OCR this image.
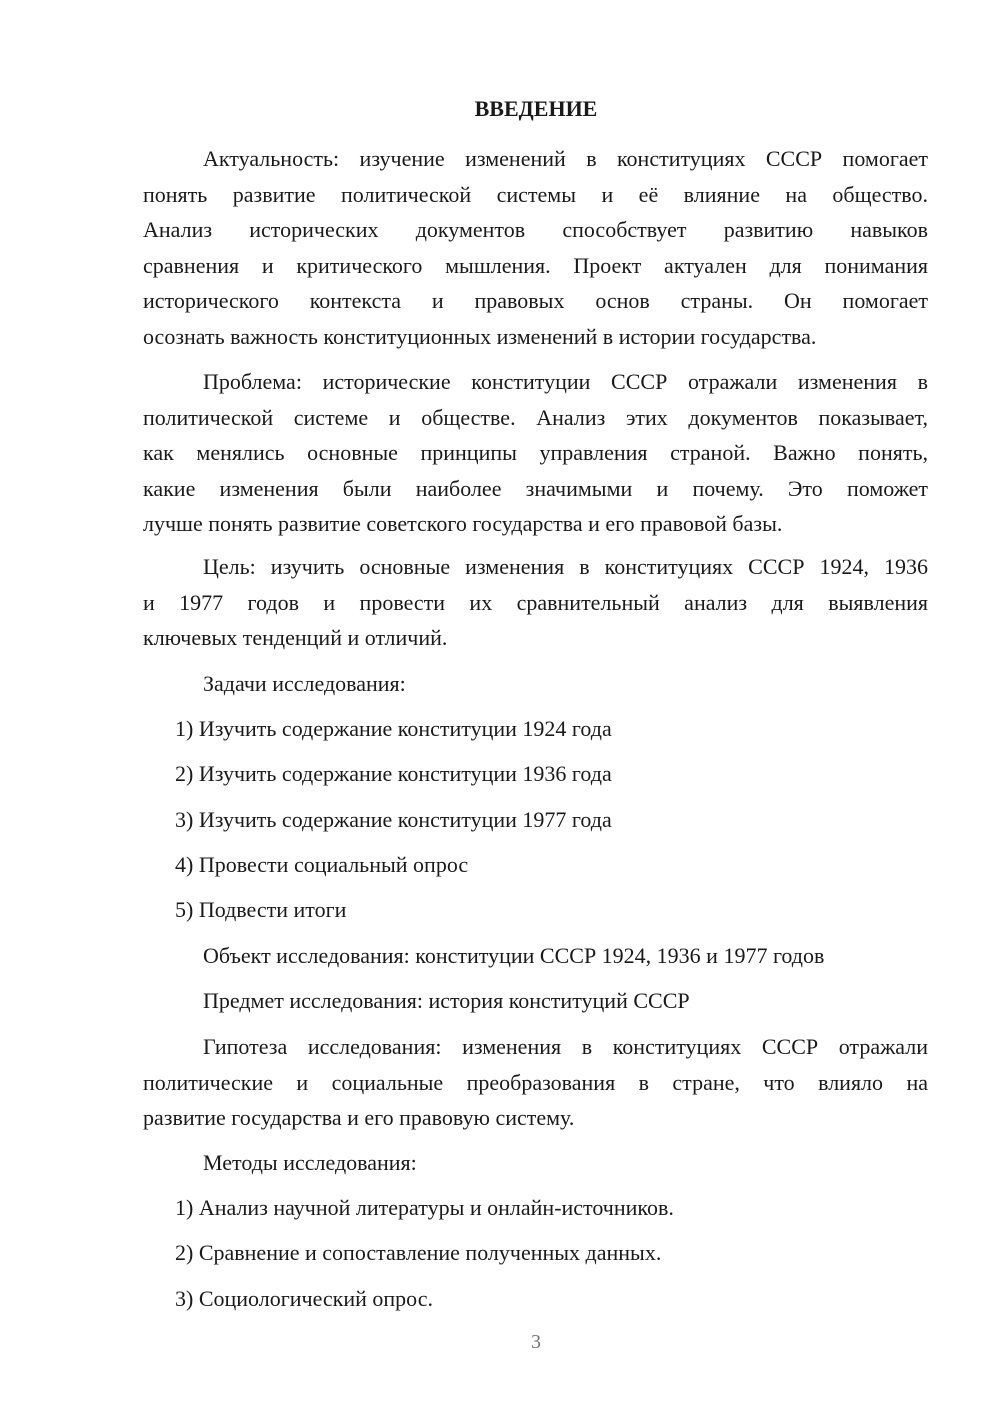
ВВЕДЕНИЕ
Актуальность: изучение изменений в конституциях СССР помогает
понять развитие политической системы и её влияние на общество.
Анализ исторических документов способствует развитию навыков
сравнения и критического мышления. Проект актуален для понимания
исторического контекста и правовых основ страны. Он помогает
осознать важность конституционных изменений в истории государства.
Проблема: исторические конституции СССР отражали изменения в
политической системе и обществе. Анализ этих документов показывает,
как менялись основные принципы управления страной. Важно понять,
какие изменения были наиболее значимыми и почему. Это поможет
лучше понять развитие советского государства и его правовой базы.
Цель: изучить основные изменения в конституциях СССР 1924, 1936
и 1977 годов и провести их сравнительный анализ для выявления
ключевых тенденций и отличий.
Задачи исследования:
1) Изучить содержание конституции 1924 года
2) Изучить содержание конституции 1936 года
3) Изучить содержание конституции 1977 года
4) Провести социальный опрос
5) Подвести итоги
Объект исследования: конституции СССР 1924, 1936 и 1977 годов
Предмет исследования: история конституций СССР
Гипотеза исследования: изменения в конституциях СССР отражали
политические и социальные преобразования в стране, что влияло на
развитие государства и его правовую систему.
Методы исследования:
1) Анализ научной литературы и онлайн-источников.
2) Сравнение и сопоставление полученных данных.
3) Социологический опрос.
3
